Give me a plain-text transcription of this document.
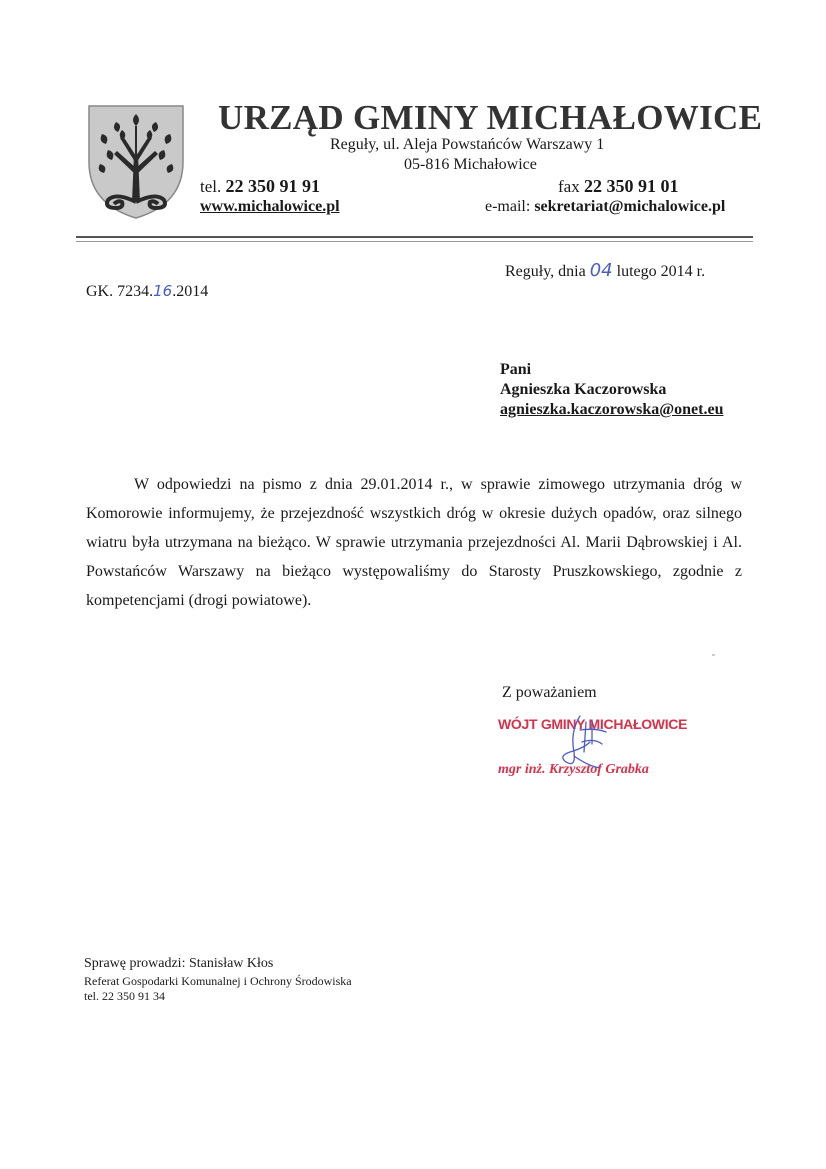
URZĄD GMINY MICHAŁOWICE
Reguły, ul. Aleja Powstańców Warszawy 1
05-816 Michałowice
tel. 22 350 91 91	fax 22 350 91 01
www.michalowice.pl	e-mail: sekretariat@michalowice.pl
Reguły, dnia 04 lutego 2014 r.
GK. 7234.16.2014
Pani
Agnieszka Kaczorowska
agnieszka.kaczorowska@onet.eu
W odpowiedzi na pismo z dnia 29.01.2014 r., w sprawie zimowego utrzymania dróg w Komorowie informujemy, że przejezdność wszystkich dróg w okresie dużych opadów, oraz silnego wiatru była utrzymana na bieżąco. W sprawie utrzymania przejezdności Al. Marii Dąbrowskiej i Al. Powstańców Warszawy na bieżąco występowaliśmy do Starosty Pruszkowskiego, zgodnie z kompetencjami (drogi powiatowe).
Z poważaniem
WÓJT GMINY MICHAŁOWICE
mgr inż. Krzysztof Grabka
Sprawę prowadzi: Stanisław Kłos
Referat Gospodarki Komunalnej i Ochrony Środowiska
tel. 22 350 91 34
